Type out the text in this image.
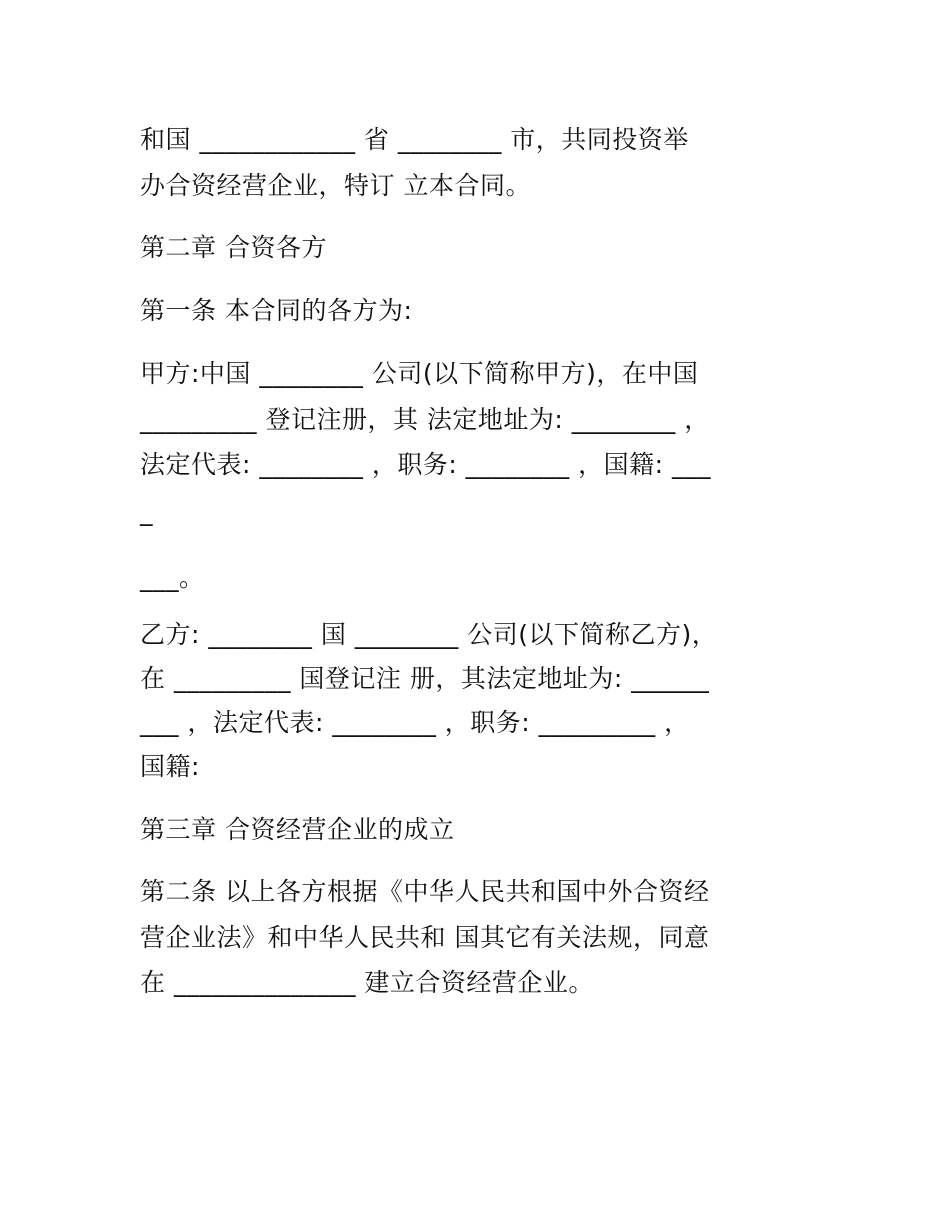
和国 ____________ 省 ________ 市，共同投资举
办合资经营企业，特订 立本合同。
第二章 合资各方
第一条 本合同的各方为:
甲方:中国 ________ 公司(以下简称甲方)，在中国
_________ 登记注册，其 法定地址为: ________ ，
法定代表: ________ ，职务: ________ ，国籍: ___
_
___。
乙方: ________ 国 ________ 公司(以下简称乙方)，
在 _________ 国登记注 册，其法定地址为: ______
___ ，法定代表: ________ ，职务: _________ ，
国籍:
第三章 合资经营企业的成立
第二条 以上各方根据《中华人民共和国中外合资经
营企业法》和中华人民共和 国其它有关法规，同意
在 ______________ 建立合资经营企业。
